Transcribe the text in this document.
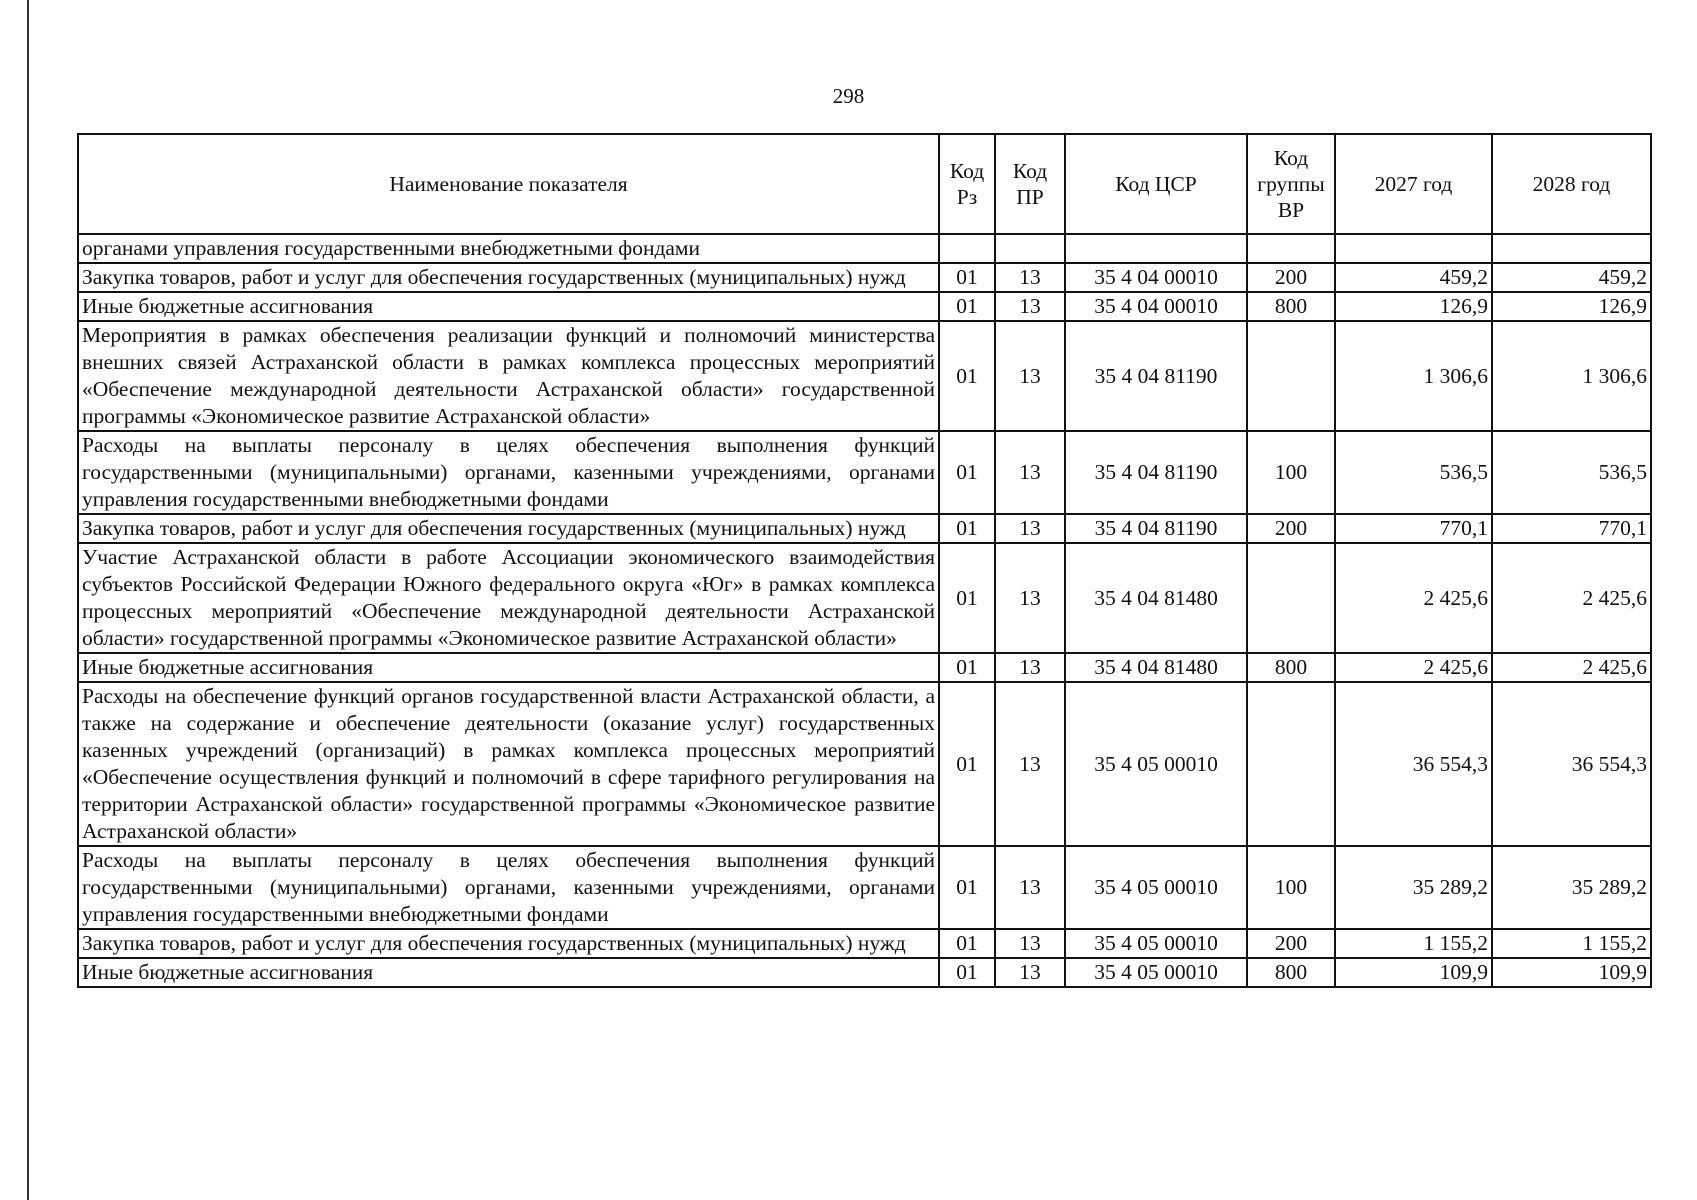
298
Наименование показателя	Код Рз	Код ПР	Код ЦСР	Код группы ВР	2027 год	2028 год
органами управления государственными внебюджетными фондами						
Закупка товаров, работ и услуг для обеспечения государственных (муниципальных) нужд	01	13	35 4 04 00010	200	459,2	459,2
Иные бюджетные ассигнования	01	13	35 4 04 00010	800	126,9	126,9
Мероприятия в рамках обеспечения реализации функций и полномочий министерства внешних связей Астраханской области в рамках комплекса процессных мероприятий «Обеспечение международной деятельности Астраханской области» государственной программы «Экономическое развитие Астраханской области»	01	13	35 4 04 81190		1 306,6	1 306,6
Расходы на выплаты персоналу в целях обеспечения выполнения функций государственными (муниципальными) органами, казенными учреждениями, органами управления государственными внебюджетными фондами	01	13	35 4 04 81190	100	536,5	536,5
Закупка товаров, работ и услуг для обеспечения государственных (муниципальных) нужд	01	13	35 4 04 81190	200	770,1	770,1
Участие Астраханской области в работе Ассоциации экономического взаимодействия субъектов Российской Федерации Южного федерального округа «Юг» в рамках комплекса процессных мероприятий «Обеспечение международной деятельности Астраханской области» государственной программы «Экономическое развитие Астраханской области»	01	13	35 4 04 81480		2 425,6	2 425,6
Иные бюджетные ассигнования	01	13	35 4 04 81480	800	2 425,6	2 425,6
Расходы на обеспечение функций органов государственной власти Астраханской области, а также на содержание и обеспечение деятельности (оказание услуг) государственных казенных учреждений (организаций) в рамках комплекса процессных мероприятий «Обеспечение осуществления функций и полномочий в сфере тарифного регулирования на территории Астраханской области» государственной программы «Экономическое развитие Астраханской области»	01	13	35 4 05 00010		36 554,3	36 554,3
Расходы на выплаты персоналу в целях обеспечения выполнения функций государственными (муниципальными) органами, казенными учреждениями, органами управления государственными внебюджетными фондами	01	13	35 4 05 00010	100	35 289,2	35 289,2
Закупка товаров, работ и услуг для обеспечения государственных (муниципальных) нужд	01	13	35 4 05 00010	200	1 155,2	1 155,2
Иные бюджетные ассигнования	01	13	35 4 05 00010	800	109,9	109,9
